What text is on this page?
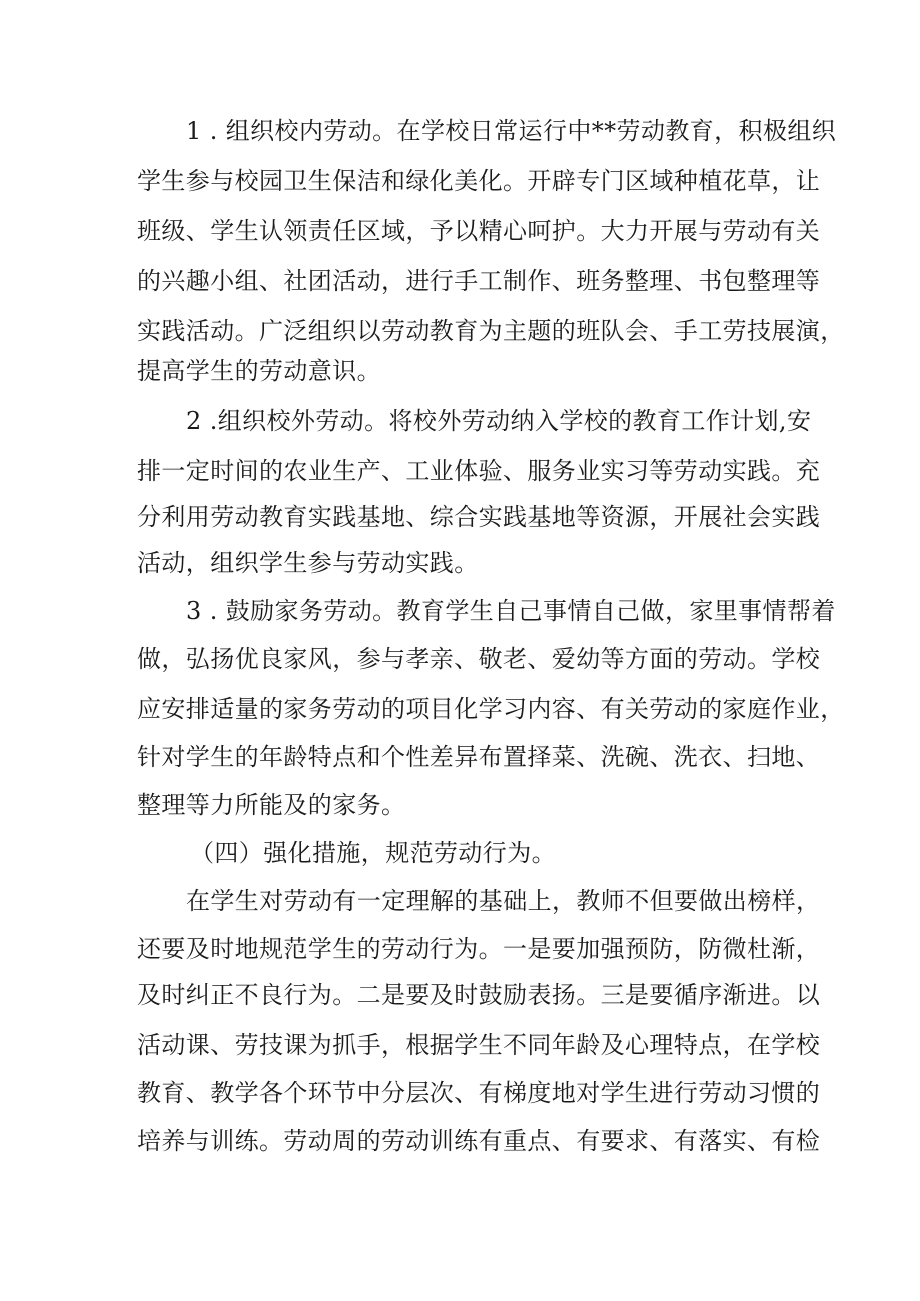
1 . 组织校内劳动。在学校日常运行中**劳动教育，积极组织
学生参与校园卫生保洁和绿化美化。开辟专门区域种植花草，让
班级、学生认领责任区域，予以精心呵护。大力开展与劳动有关
的兴趣小组、社团活动，进行手工制作、班务整理、书包整理等
实践活动。广泛组织以劳动教育为主题的班队会、手工劳技展演，
提高学生的劳动意识。
2 .组织校外劳动。将校外劳动纳入学校的教育工作计划,安
排一定时间的农业生产、工业体验、服务业实习等劳动实践。充
分利用劳动教育实践基地、综合实践基地等资源，开展社会实践
活动，组织学生参与劳动实践。
3 . 鼓励家务劳动。教育学生自己事情自己做，家里事情帮着
做，弘扬优良家风，参与孝亲、敬老、爱幼等方面的劳动。学校
应安排适量的家务劳动的项目化学习内容、有关劳动的家庭作业，
针对学生的年龄特点和个性差异布置择菜、洗碗、洗衣、扫地、
整理等力所能及的家务。
（四）强化措施，规范劳动行为。
在学生对劳动有一定理解的基础上，教师不但要做出榜样，
还要及时地规范学生的劳动行为。一是要加强预防，防微杜渐，
及时纠正不良行为。二是要及时鼓励表扬。三是要循序渐进。以
活动课、劳技课为抓手，根据学生不同年龄及心理特点，在学校
教育、教学各个环节中分层次、有梯度地对学生进行劳动习惯的
培养与训练。劳动周的劳动训练有重点、有要求、有落实、有检
